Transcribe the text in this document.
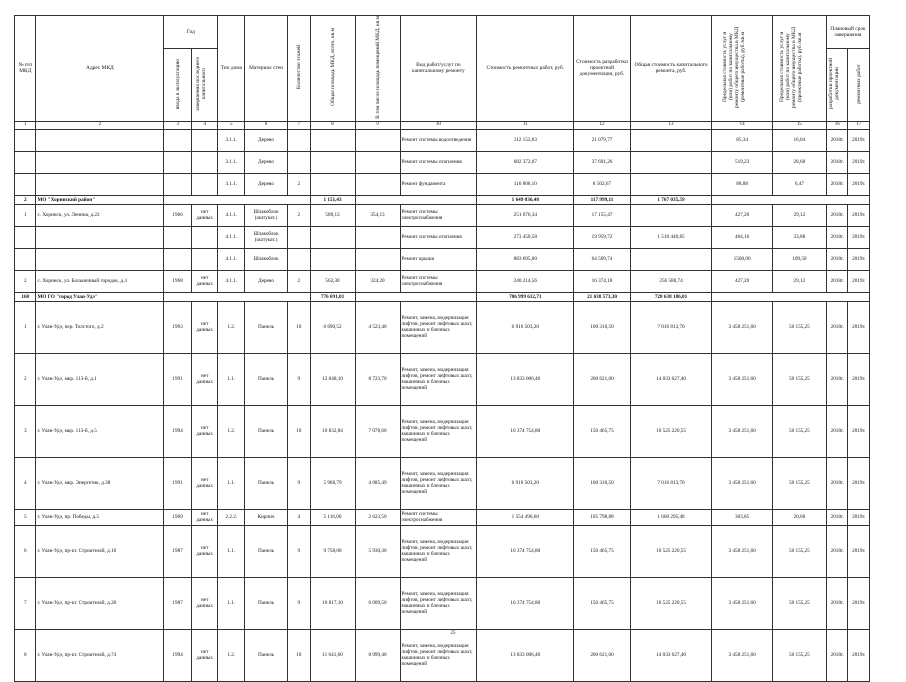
№ п/п МКД	Адрес МКД	Год		Тип дома	Материал стен	Количество этажей	Общая площадь МКД, всего, кв.м	В том числе площадь помещений МКД, кв.м	Вид работ/услуг по капитальному ремонту	Стоимость ремонтных работ, руб.	Стоимость разработки проектной документации, руб.	Общая стоимость капитального ремонта, руб.	Предельная стоимость услуг и (или) работ по капитальному ремонту общего имущества в МКД (ремонтные работы), руб./кв.м	Предельная стоимость услуг и (или) работ по капитальному ремонту общего имущества в МКД (проектные работы), руб./кв.м	Плановый срок завершения	
		ввода в эксплуатацию	завершения последнего капитального												разработки проектной документации	ремонтных работ
1	2	3	4	5	6	7	8	9	10	11	12	13	14	15	16	17
				3.1.1.	Дерево				Ремонт системы водоотведения	112 153,83	21 079,77		85,34	16,04	2018г.	2019г.
				3.1.1.	Дерево				Ремонт системы отопления	682 372,07	37 691,26		519,23	28,68	2018г.	2019г.
				3.1.1.	Дерево	2			Ремонт фундамента	116 806,10	8 502,67		88,88	6,47	2018г.	2019г.
2	МО "Хоринский район"						1 151,43			1 649 036,48	117 999,11	1 767 035,59				
1	с. Хоринск, ул. Ленина, д.22	1966	нет данных	4.1.1.	Шлакоблок (оштукат.)	2	589,13	354,13	Ремонт системы электроснабжения	251 676,34	17 155,47		427,20	29,12	2018г.	2019г.
				4.1.1.	Шлакоблок (оштукат.)				Ремонт системы отопления	273 450,58	19 959,72	1 510 446,85	464,16	33,88	2018г.	2019г.
				4.1.1.	Шлакоблок				Ремонт крыши	883 695,00	64 509,74		1500,00	109,50	2018г.	2019г.
2	с. Хоринск, ул. Больничный городок, д.3	1968	нет данных	4.1.1.	Дерево	2	562,30	324,20	Ремонт системы электроснабжения	240 214,56	16 374,18	256 588,74	427,20	29,12	2018г.	2019г.
168	МО ГО "город Улан-Удэ"						776 691,01			706 999 612,71	21 638 573,30	728 638 186,01				
1	г. Улан-Удэ, пер. Толстого, д.2	1993	нет данных	1.2.	Панель	10	6 690,52	4 523,40	Ремонт, замена, модернизация лифтов, ремонт лифтовых шахт, машинных и блочных помещений	6 916 503,20	100 310,50	7 016 813,70	3 458 251,60	50 155,25	2018г.	2019г.
2	г. Улан-Удэ, мкр. 113-й, д.1	1991	нет данных	1.1.	Панель	9	12 048,10	8 723,70	Ремонт, замена, модернизация лифтов, ремонт лифтовых шахт, машинных и блочных помещений	13 833 006,40	200 621,00	14 033 627,40	3 458 251,60	50 155,25	2018г.	2019г.
3	г. Улан-Удэ, мкр. 113-й, д.5	1994	нет данных	1.2.	Панель	10	10 832,84	7 078,60	Ремонт, замена, модернизация лифтов, ремонт лифтовых шахт, машинных и блочных помещений	10 374 754,80	150 465,75	10 525 220,55	3 458 251,60	50 155,25	2018г.	2019г.
4	г. Улан-Удэ, мкр. Энергетик, д.38	1991	нет данных	1.1.	Панель	9	5 968,79	4 085,49	Ремонт, замена, модернизация лифтов, ремонт лифтовых шахт, машинных и блочных помещений	6 916 503,20	100 310,50	7 016 813,70	3 458 251,60	50 155,25	2018г.	2019г.
5	г. Улан-Удэ, пр. Победы, д.5	1969	нет данных	2.2.2.	Кирпич	4	5 116,00	2 623,50	Ремонт системы электроснабжения	1 554 496,60	105 798,88	1 660 295,48	303,85	20,68	2018г.	2019г.
6	г. Улан-Удэ, пр-кт. Строителей, д.10	1987	нет данных	1.1.	Панель	9	9 758,08	5 930,30	Ремонт, замена, модернизация лифтов, ремонт лифтовых шахт, машинных и блочных помещений	10 374 754,80	150 465,75	10 525 220,55	3 458 251,60	50 155,25	2018г.	2019г.
7	г. Улан-Удэ, пр-кт. Строителей, д.20	1987	нет данных	1.1.	Панель	9	10 817,10	6 009,50	Ремонт, замена, модернизация лифтов, ремонт лифтовых шахт, машинных и блочных помещений	10 374 754,80	150 465,75	10 525 220,55	3 458 251,60	50 155,25	2018г.	2019г.
8	г. Улан-Удэ, пр-кт. Строителей, д.74	1994	нет данных	1.2.	Панель	10	11 641,60	8 999,40	Ремонт, замена, модернизация лифтов, ремонт лифтовых шахт, машинных и блочных помещений	13 833 006,40	200 621,00	14 033 627,40	3 458 251,60	50 155,25	2018г.	2019г.
25
